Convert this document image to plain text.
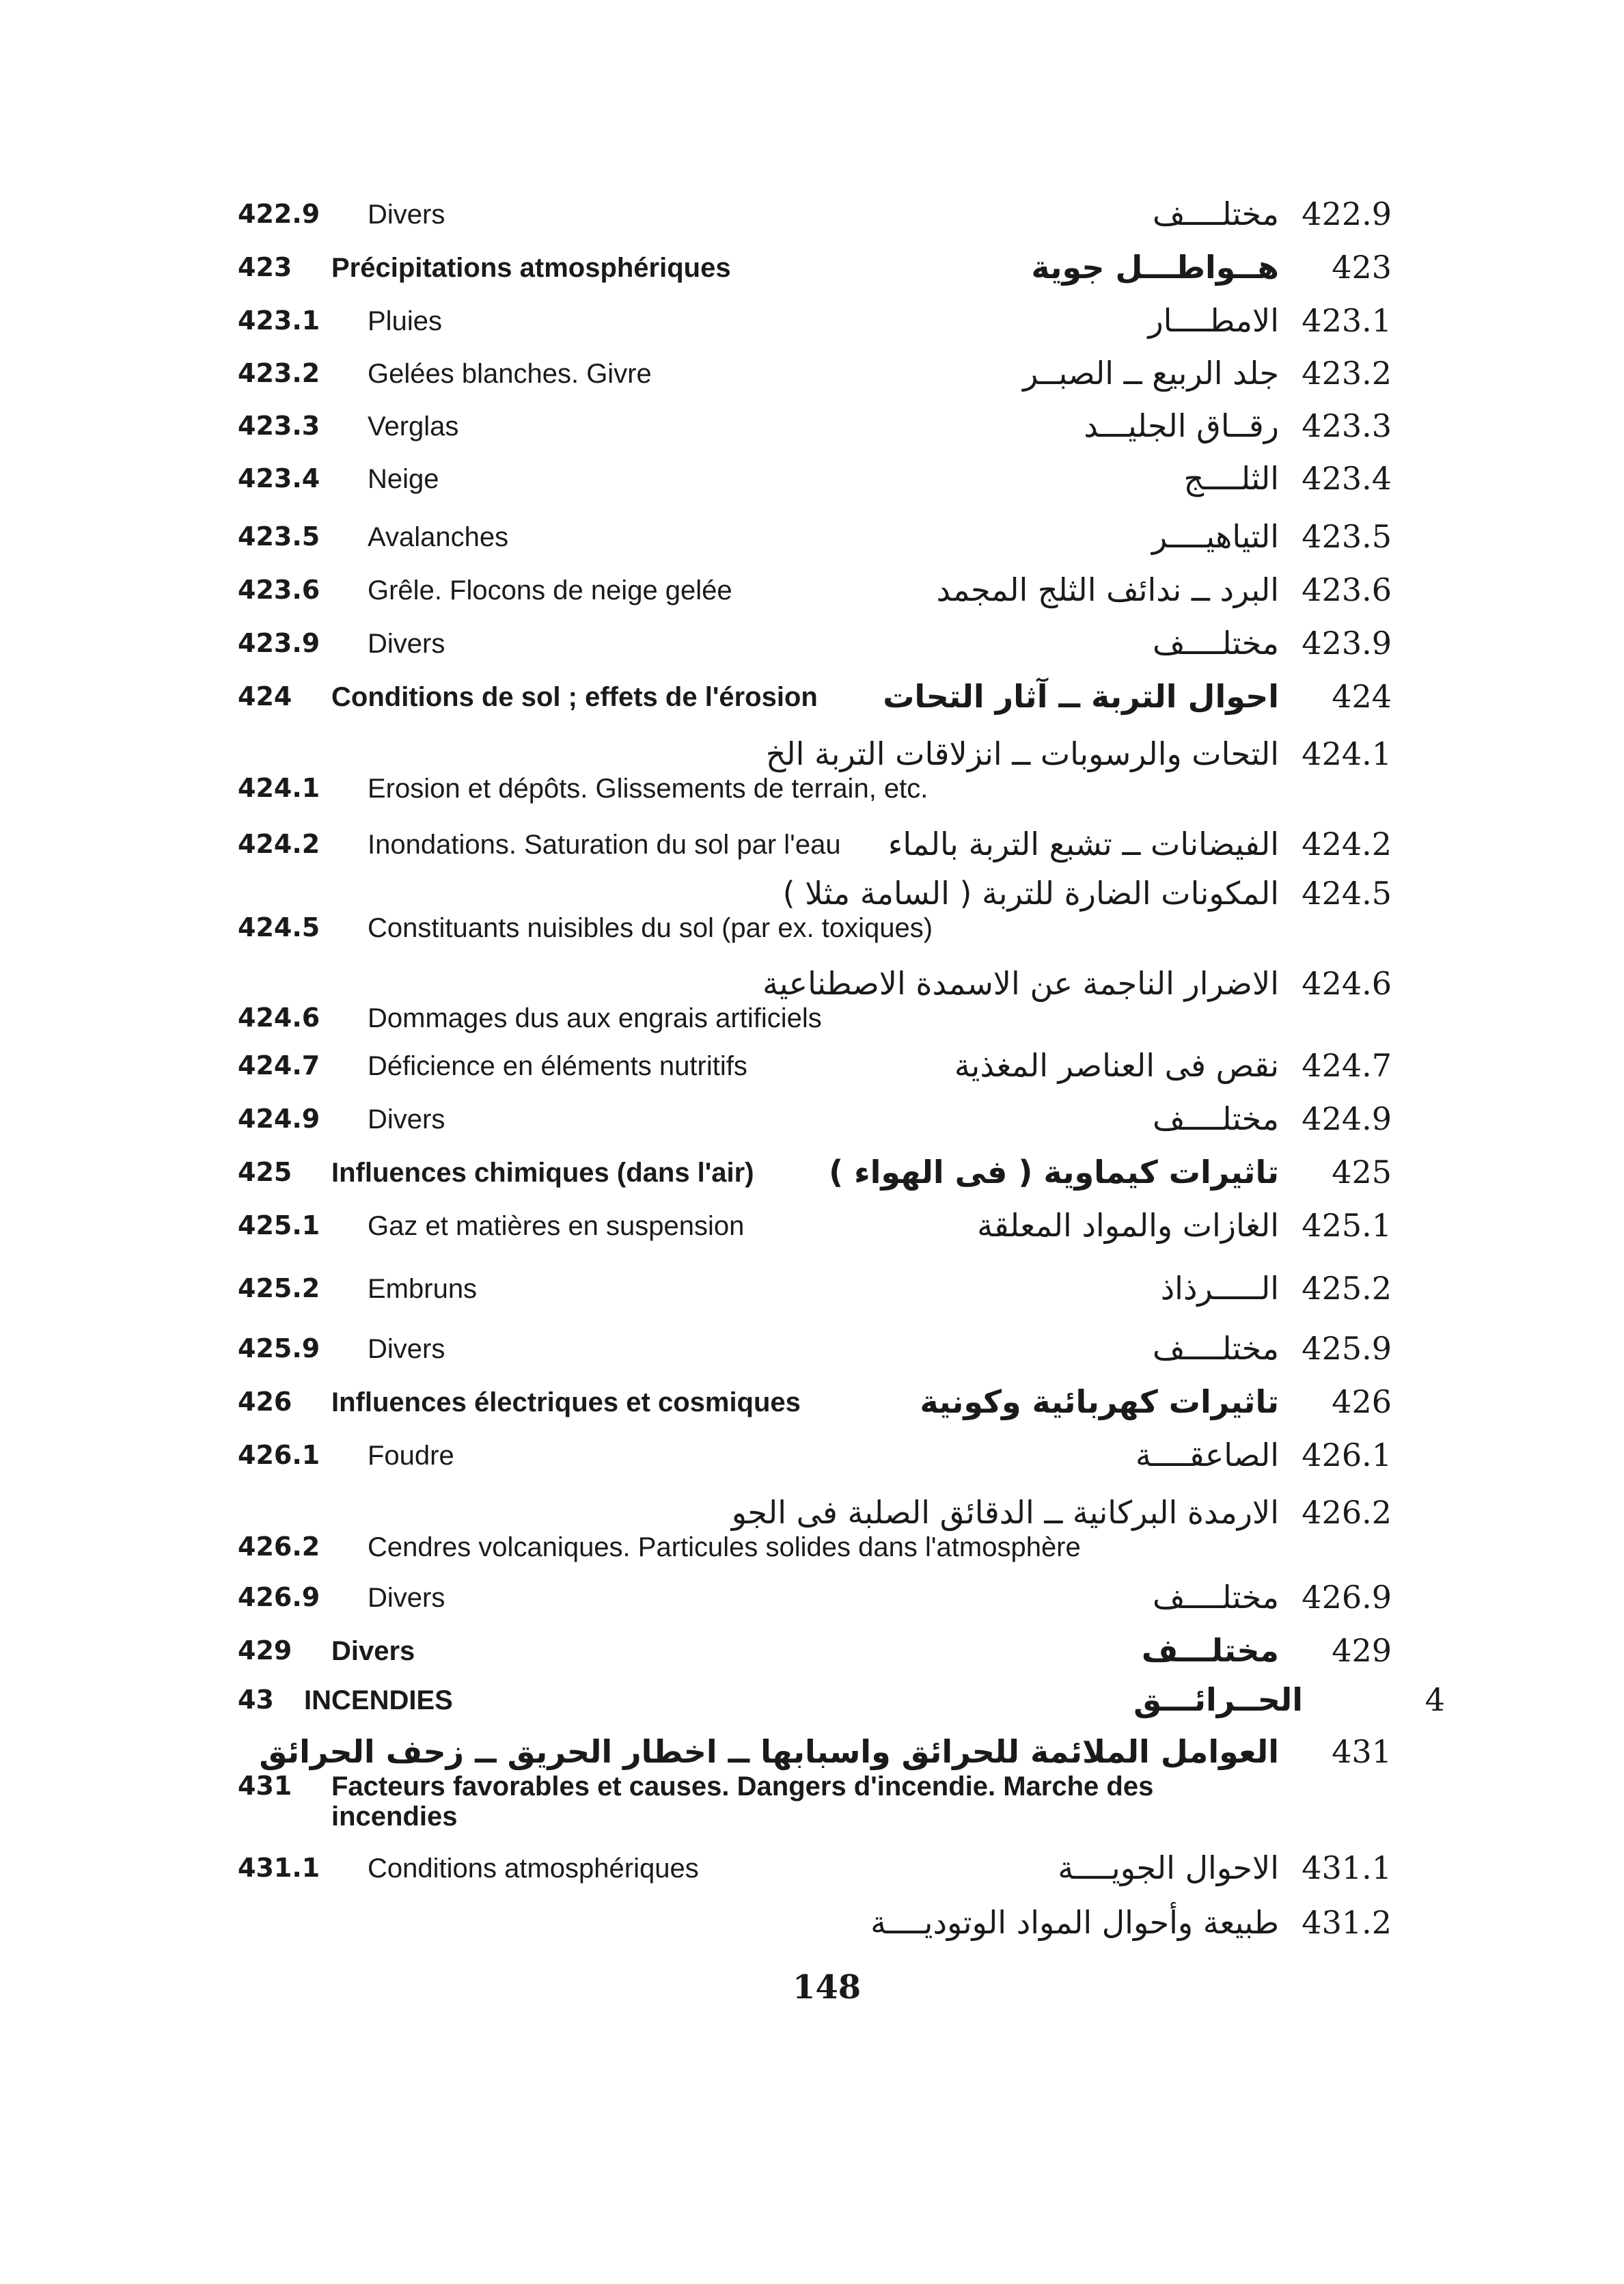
422.9 Divers	مختلــــف 422.9
423 Précipitations atmosphériques	هــواطـــل جوية 423
423.1 Pluies	الامطــــار 423.1
423.2 Gelées blanches. Givre	جلد الربيع ــ الصبــر 423.2
423.3 Verglas	رقــاق الجليـــد 423.3
423.4 Neige	الثلــــج 423.4
423.5 Avalanches	التياهيــــر 423.5
423.6 Grêle. Flocons de neige gelée	البرد ــ ندائف الثلج المجمد 423.6
423.9 Divers	مختلــــف 423.9
424 Conditions de sol ; effets de l'érosion احوال التربة ــ آثار التحات 424
424.1 Erosion et dépôts. Glissements de terrain, etc.
التحات والرسوبات ــ انزلاقات التربة الخ 424.1
424.2 Inondations. Saturation du sol par l'eau الفيضانات ــ تشبع التربة بالماء 424.2
424.5 Constituants nuisibles du sol (par ex. toxiques)
المكونات الضارة للتربة ( السامة مثلا ) 424.5
424.6 Dommages dus aux engrais artificiels
الاضرار الناجمة عن الاسمدة الاصطناعية 424.6
424.7 Déficience en éléments nutritifs	نقص فى العناصر المغذية 424.7
424.9 Divers	مختلــــف 424.9
425 Influences chimiques (dans l'air) تاثيرات كيماوية ( فى الهواء ) 425
425.1 Gaz et matières en suspension	الغازات والمواد المعلقة 425.1
425.2 Embruns	الـــــرذاذ 425.2
425.9 Divers	مختلــــف 425.9
426 Influences électriques et cosmiques	تاثيرات كهربائية وكونية 426
426.1 Foudre	الصاعقــــة 426.1
426.2 Cendres volcaniques. Particules solides dans l'atmosphère
الارمدة البركانية ــ الدقائق الصلبة فى الجو 426.2
426.9 Divers	مختلــــف 426.9
429 Divers	مختلـــف 429
43 INCENDIES	الحــرائـــق	4
431 Facteurs favorables et causes. Dangers d'incendie. Marche des
incendies
العوامل الملائمة للحرائق واسبابها ــ اخطار الحريق ــ زحف الحرائق 431
431.1 Conditions atmosphériques	الاحوال الجويــــة 431.1
طبيعة وأحوال المواد الوتوديــــة 431.2
148
